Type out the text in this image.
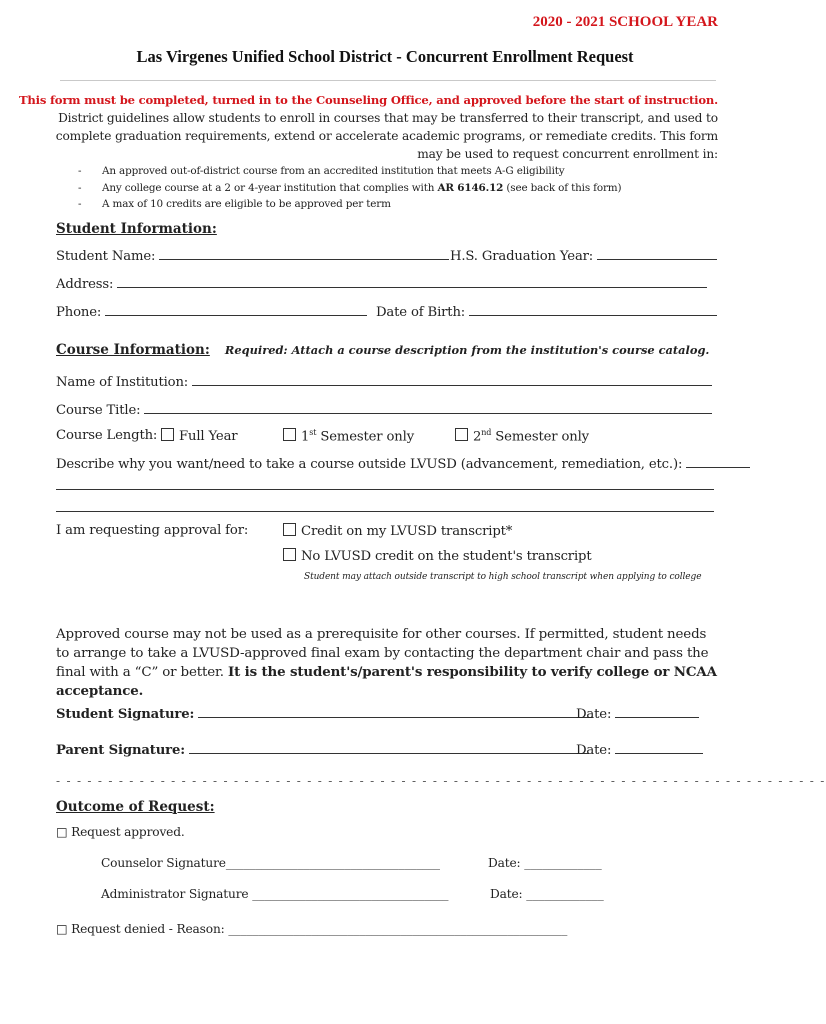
2020 - 2021 SCHOOL YEAR
Las Virgenes Unified School District - Concurrent Enrollment Request
This form must be completed, turned in to the Counseling Office, and approved before the start of instruction.
District guidelines allow students to enroll in courses that may be transferred to their transcript, and used to complete graduation requirements, extend or accelerate academic programs, or remediate credits. This form may be used to request concurrent enrollment in:
-	An approved out-of-district course from an accredited institution that meets A-G eligibility
-	Any college course at a 2 or 4-year institution that complies with AR 6146.12 (see back of this form)
-	A max of 10 credits are eligible to be approved per term
Student Information:
Student Name:	H.S. Graduation Year:
Address:
Phone:	Date of Birth:
Course Information: Required: Attach a course description from the institution's course catalog.
Name of Institution:
Course Title:
Course Length:	Full Year	1st Semester only	2nd Semester only
Describe why you want/need to take a course outside LVUSD (advancement, remediation, etc.):
I am requesting approval for:	Credit on my LVUSD transcript*
No LVUSD credit on the student's transcript
Student may attach outside transcript to high school transcript when applying to college
Approved course may not be used as a prerequisite for other courses. If permitted, student needs to arrange to take a LVUSD-approved final exam by contacting the department chair and pass the final with a “C” or better. It is the student's/parent's responsibility to verify college or NCAA acceptance.
Student Signature:	Date:
Parent Signature:	Date:
- - - - - - - - - - - - - - - - - - - - - - - - - - - - - - - - - - - - - - - - - - - - - - - - - - - - - - - - - - - - - - - - - - - - - - - - - -
Outcome of Request:
□ Request approved.
Counselor Signature____________________________________	Date: _____________
Administrator Signature _________________________________	Date: _____________
□ Request denied - Reason: _________________________________________________________
